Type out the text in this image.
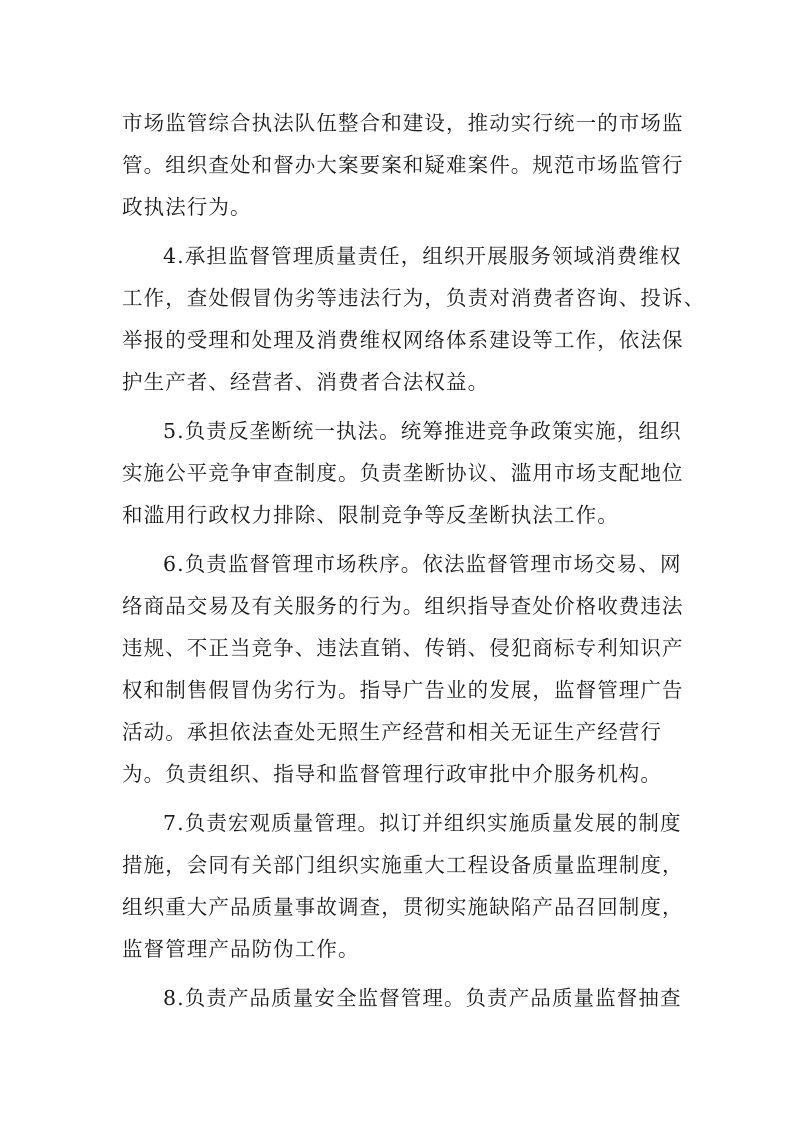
市场监管综合执法队伍整合和建设，推动实行统一的市场监
管。组织查处和督办大案要案和疑难案件。规范市场监管行
政执法行为。
4.承担监督管理质量责任，组织开展服务领域消费维权
工作，查处假冒伪劣等违法行为，负责对消费者咨询、投诉、
举报的受理和处理及消费维权网络体系建设等工作，依法保
护生产者、经营者、消费者合法权益。
5.负责反垄断统一执法。统筹推进竞争政策实施，组织
实施公平竞争审查制度。负责垄断协议、滥用市场支配地位
和滥用行政权力排除、限制竞争等反垄断执法工作。
6.负责监督管理市场秩序。依法监督管理市场交易、网
络商品交易及有关服务的行为。组织指导查处价格收费违法
违规、不正当竞争、违法直销、传销、侵犯商标专利知识产
权和制售假冒伪劣行为。指导广告业的发展，监督管理广告
活动。承担依法查处无照生产经营和相关无证生产经营行
为。负责组织、指导和监督管理行政审批中介服务机构。
7.负责宏观质量管理。拟订并组织实施质量发展的制度
措施，会同有关部门组织实施重大工程设备质量监理制度，
组织重大产品质量事故调查，贯彻实施缺陷产品召回制度，
监督管理产品防伪工作。
8.负责产品质量安全监督管理。负责产品质量监督抽查
